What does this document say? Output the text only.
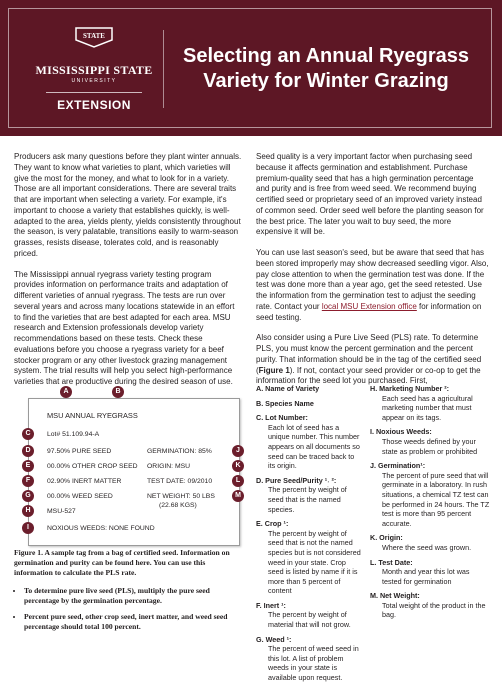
STATE
MISSISSIPPI STATE
UNIVERSITY
EXTENSION
Selecting an Annual Ryegrass
Variety for Winter Grazing

Producers ask many questions before they plant winter annuals. They want to know what varieties to plant, which varieties will give the most for the money, and what to look for in a variety. Those are all important considerations. There are several traits that are important when selecting a variety. For example, it's important to choose a variety that establishes quickly, is well-adapted to the area, yields plenty, yields consistently throughout the season, is very palatable, transitions easily to warm-season grasses, resists disease, tolerates cold, and is reasonably priced.

The Mississippi annual ryegrass variety testing program provides information on performance traits and adaptation of different varieties of annual ryegrass. The tests are run over several years and across many locations statewide in an effort to find the varieties that are best adapted for each area. MSU research and Extension professionals develop variety recommendations based on these tests. Check these evaluations before you choose a ryegrass variety for a beef stocker program or any other livestock grazing management system. The trial results will help you select high-performance varieties that are productive during the desired season of use.

Seed quality is a very important factor when purchasing seed because it affects germination and establishment. Purchase premium-quality seed that has a high germination percentage and purity and is free from weed seed. We recommend buying certified seed or proprietary seed of an improved variety instead of common seed. Order seed well before the planting season for the best price. The later you wait to buy seed, the more expensive it will be.

You can use last season's seed, but be aware that seed that has been stored improperly may show decreased seedling vigor. Also, pay close attention to when the germination test was done. If the test was done more than a year ago, get the seed retested. Use the information from the germination test to adjust the seeding rate. Contact your local MSU Extension office for information on seed testing.

Also consider using a Pure Live Seed (PLS) rate. To determine PLS, you must know the percent germination and the percent purity. That information should be in the tag of the certified seed (Figure 1). If not, contact your seed provider or co-op to get the information for the seed lot you purchased. First,

MSU ANNUAL RYEGRASS
Lot# 51.109.94-A
97.50% PURE SEED
00.00% OTHER CROP SEED
02.90% INERT MATTER
00.00% WEED SEED
MSU-527
NOXIOUS WEEDS: NONE FOUND
GERMINATION: 85%
ORIGIN: MSU
TEST DATE: 09/2010
NET WEIGHT: 50 LBS
(22.68 KGS)
A	B
C
D
E
F
G
H
I
J
K
L
M
Figure 1. A sample tag from a bag of certified seed. Information on germination and purity can be found here. You can use this information to calculate the PLS rate.
• To determine pure live seed (PLS), multiply the pure seed percentage by the germination percentage.
• Percent pure seed, other crop seed, inert matter, and weed seed percentage should total 100 percent.
A. Name of Variety
B. Species Name
C. Lot Number:
Each lot of seed has a unique number. This number appears on all documents so seed can be traced back to its origin.
D. Pure Seed/Purity ¹˒ ²:
The percent by weight of seed that is the named species.
E. Crop ¹:
The percent by weight of seed that is not the named species but is not considered weed in your state. Crop seed is listed by name if it is more than 5 percent of content
F. Inert ¹:
The percent by weight of material that will not grow.
G. Weed ¹:
The percent of weed seed in this lot. A list of problem weeds in your state is available upon request.
H. Marketing Number ²:
Each seed has a agricultural marketing number that must appear on its tags.
I. Noxious Weeds:
Those weeds defined by your state as problem or prohibited
J. Germination¹:
The percent of pure seed that will germinate in a laboratory. In rush situations, a chemical TZ test can be performed in 24 hours. The TZ test is more than 95 percent accurate.
K. Origin:
Where the seed was grown.
L. Test Date:
Month and year this lot was tested for germination
M. Net Weight:
Total weight of the product in the bag.
